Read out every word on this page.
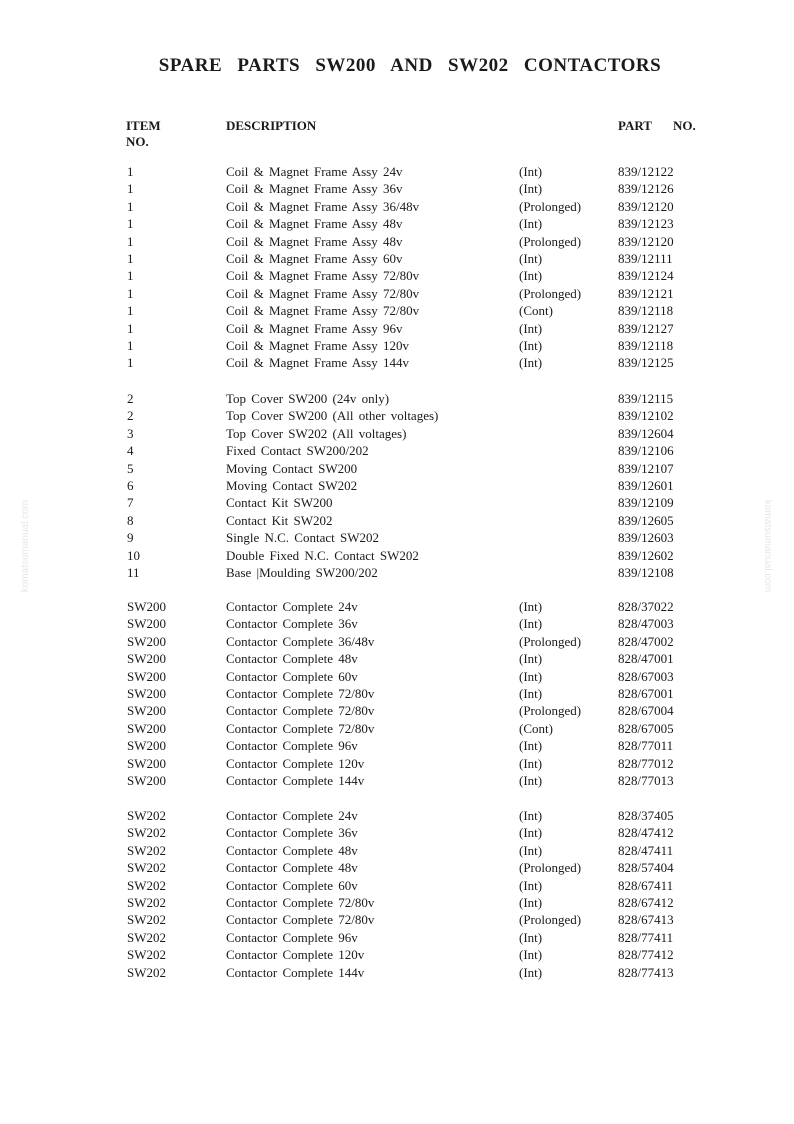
SPARE PARTS SW200 AND SW202 CONTACTORS
ITEM
NO.
DESCRIPTION	PART NO.
komatsumanual.com	komatsumanual.com
1	Coil & Magnet Frame Assy 24v	(Int)	839/12122
1	Coil & Magnet Frame Assy 36v	(Int)	839/12126
1	Coil & Magnet Frame Assy 36/48v	(Prolonged)	839/12120
1	Coil & Magnet Frame Assy 48v	(Int)	839/12123
1	Coil & Magnet Frame Assy 48v	(Prolonged)	839/12120
1	Coil & Magnet Frame Assy 60v	(Int)	839/12111
1	Coil & Magnet Frame Assy 72/80v	(Int)	839/12124
1	Coil & Magnet Frame Assy 72/80v	(Prolonged)	839/12121
1	Coil & Magnet Frame Assy 72/80v	(Cont)	839/12118
1	Coil & Magnet Frame Assy 96v	(Int)	839/12127
1	Coil & Magnet Frame Assy 120v	(Int)	839/12118
1	Coil & Magnet Frame Assy 144v	(Int)	839/12125
2	Top Cover SW200 (24v only)	839/12115
2	Top Cover SW200 (All other voltages)	839/12102
3	Top Cover SW202 (All voltages)	839/12604
4	Fixed Contact SW200/202	839/12106
5	Moving Contact SW200	839/12107
6	Moving Contact SW202	839/12601
7	Contact Kit SW200	839/12109
8	Contact Kit SW202	839/12605
9	Single N.C. Contact SW202	839/12603
10	Double Fixed N.C. Contact SW202	839/12602
11	Base |Moulding SW200/202	839/12108
SW200	Contactor Complete 24v	(Int)	828/37022
SW200	Contactor Complete 36v	(Int)	828/47003
SW200	Contactor Complete 36/48v	(Prolonged)	828/47002
SW200	Contactor Complete 48v	(Int)	828/47001
SW200	Contactor Complete 60v	(Int)	828/67003
SW200	Contactor Complete 72/80v	(Int)	828/67001
SW200	Contactor Complete 72/80v	(Prolonged)	828/67004
SW200	Contactor Complete 72/80v	(Cont)	828/67005
SW200	Contactor Complete 96v	(Int)	828/77011
SW200	Contactor Complete 120v	(Int)	828/77012
SW200	Contactor Complete 144v	(Int)	828/77013
SW202	Contactor Complete 24v	(Int)	828/37405
SW202	Contactor Complete 36v	(Int)	828/47412
SW202	Contactor Complete 48v	(Int)	828/47411
SW202	Contactor Complete 48v	(Prolonged)	828/57404
SW202	Contactor Complete 60v	(Int)	828/67411
SW202	Contactor Complete 72/80v	(Int)	828/67412
SW202	Contactor Complete 72/80v	(Prolonged)	828/67413
SW202	Contactor Complete 96v	(Int)	828/77411
SW202	Contactor Complete 120v	(Int)	828/77412
SW202	Contactor Complete 144v	(Int)	828/77413
